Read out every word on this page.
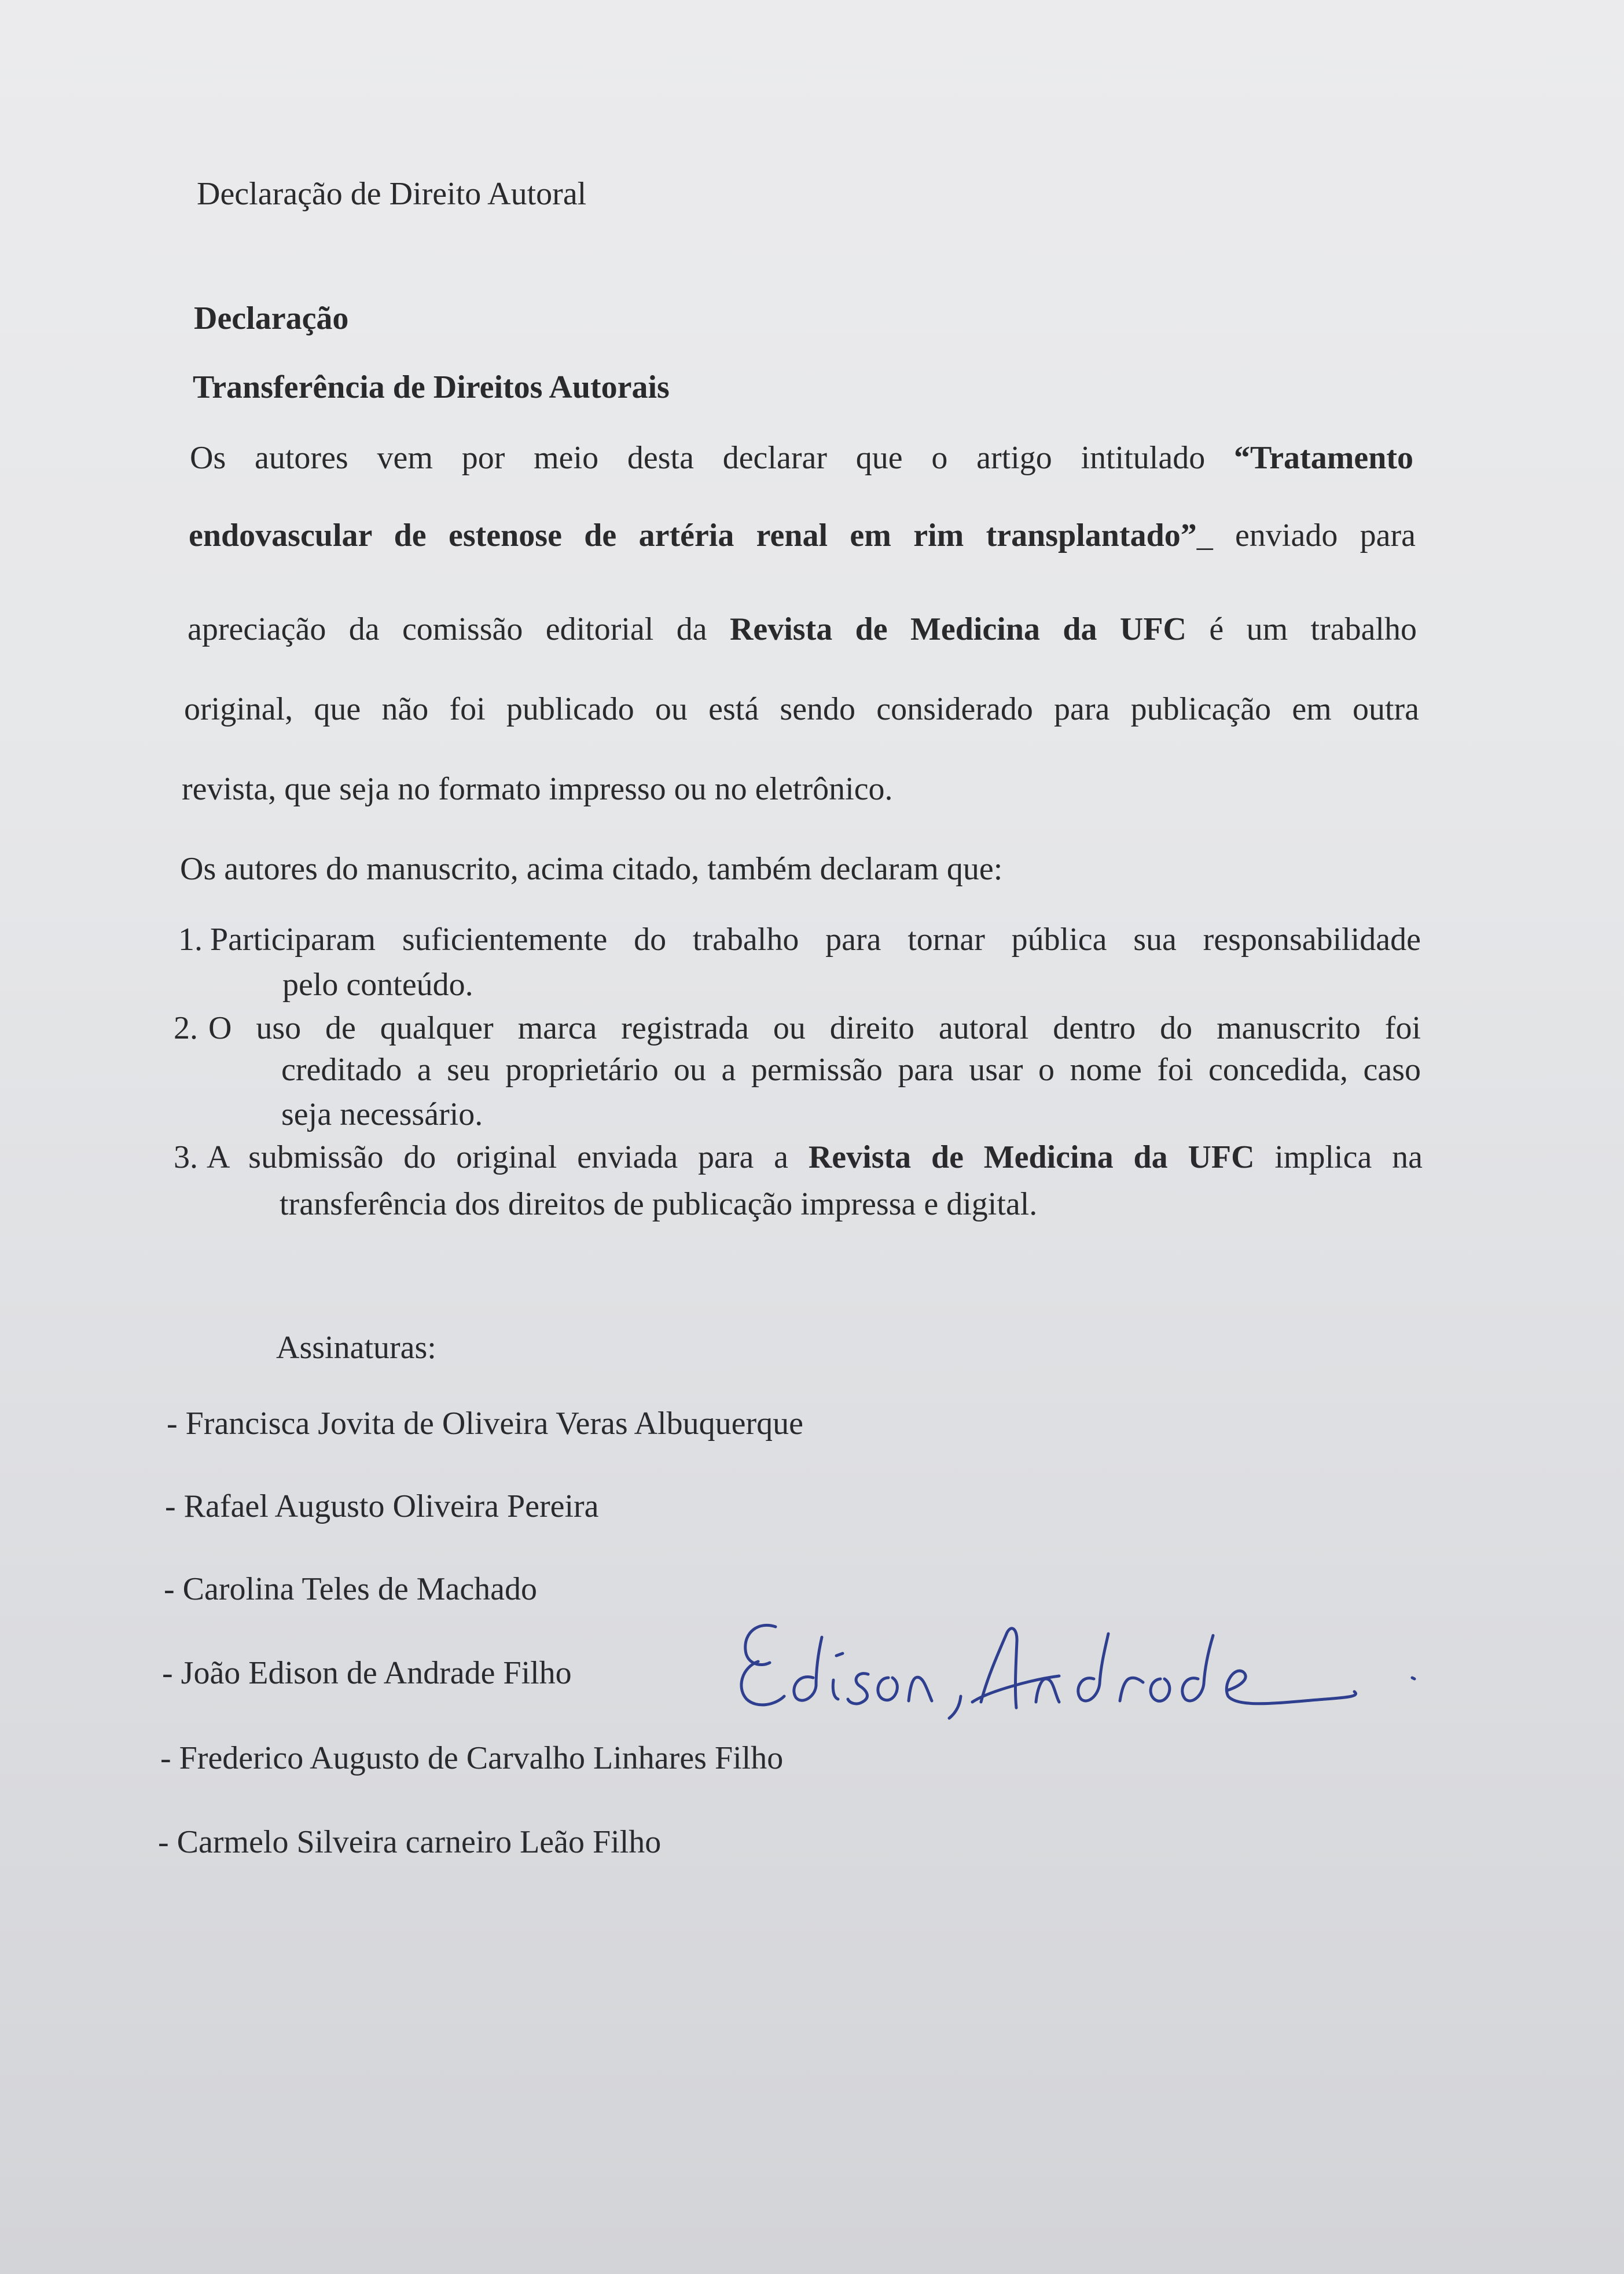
Declaração de Direito Autoral

Declaração

Transferência de Direitos Autorais

Os autores vem por meio desta declarar que o artigo intitulado “Tratamento

endovascular de estenose de artéria renal em rim transplantado”_ enviado para

apreciação da comissão editorial da Revista de Medicina da UFC é um trabalho

original, que não foi publicado ou está sendo considerado para publicação em outra

revista, que seja no formato impresso ou no eletrônico.

Os autores do manuscrito, acima citado, também declaram que:

1. Participaram suficientemente do trabalho para tornar pública sua responsabilidade

pelo conteúdo.

2. O uso de qualquer marca registrada ou direito autoral dentro do manuscrito foi

creditado a seu proprietário ou a permissão para usar o nome foi concedida, caso

seja necessário.

3. A submissão do original enviada para a Revista de Medicina da UFC implica na

transferência dos direitos de publicação impressa e digital.

Assinaturas:

- Francisca Jovita de Oliveira Veras Albuquerque

- Rafael Augusto Oliveira Pereira

- Carolina Teles de Machado

- João Edison de Andrade Filho

- Frederico Augusto de Carvalho Linhares Filho

- Carmelo Silveira carneiro Leão Filho
